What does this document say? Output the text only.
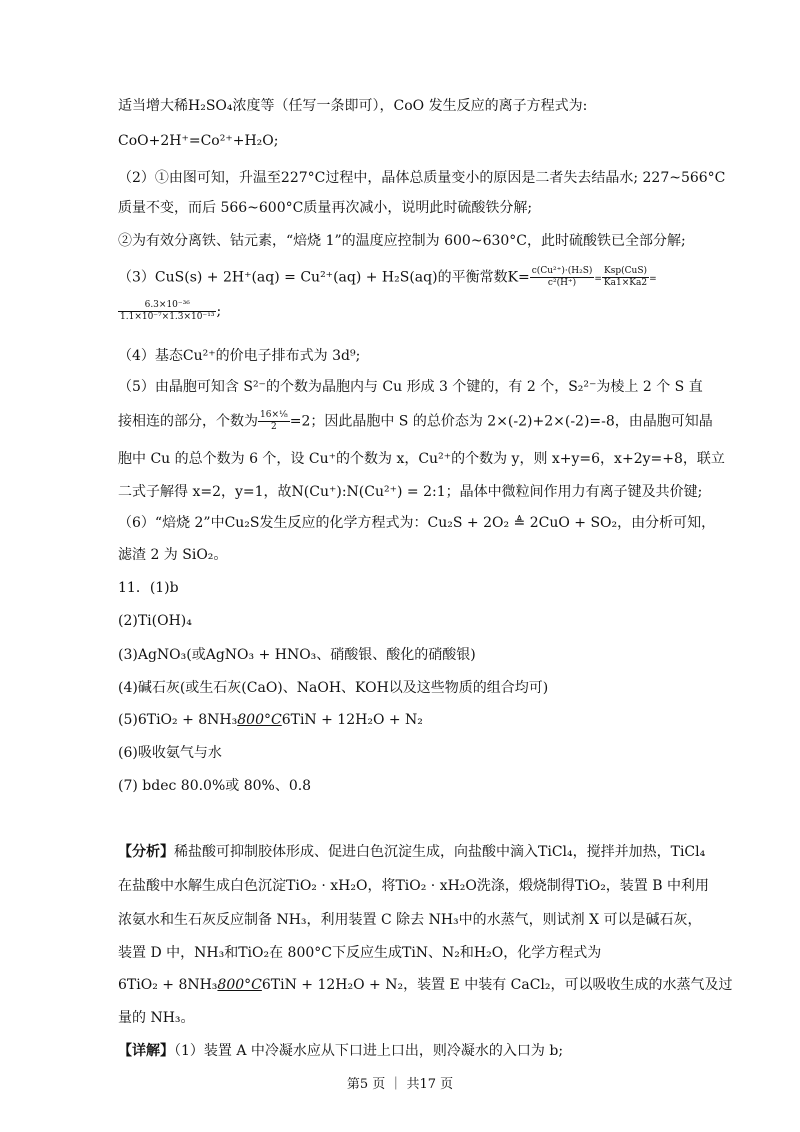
适当增大稀H₂SO₄浓度等（任写一条即可），CoO 发生反应的离子方程式为:
CoO+2H⁺=Co²⁺+H₂O;
（2）①由图可知，升温至227°C过程中，晶体总质量变小的原因是二者失去结晶水; 227~566°C
质量不变，而后 566~600°C质量再次减小，说明此时硫酸铁分解;
②为有效分离铁、钴元素，“焙烧 1”的温度应控制为 600~630°C，此时硫酸铁已全部分解;
（3）CuS(s) + 2H⁺(aq) = Cu²⁺(aq) + H₂S(aq)的平衡常数$K= \frac{\text{c(Cu²⁺)·(H₂S)}}{\text{c²(H⁺)}} = \frac{\text{Ksp(CuS)}}{Ka1\times Ka2}$ =
$\frac{\text{6.3×10⁻³⁶}}{\text{1.1×10⁻⁷×1.3×10⁻¹³}}$ ;
（4）基态Cu²⁺的价电子排布式为 3d⁹;
（5）由晶胞可知含 S²⁻的个数为晶胞内与 Cu 形成 3 个键的，有 2 个，S₂²⁻为棱上 2 个 S 直
接相连的部分，个数为 $\frac{\text{16×¹⁄₈}}{2} =2$；因此晶胞中 S 的总价态为 2×(-2)+2×(-2)=-8，由晶胞可知晶
胞中 Cu 的总个数为 6 个，设 Cu⁺的个数为 x，Cu²⁺的个数为 y，则 x+y=6，x+2y=+8，联立
二式子解得 x=2，y=1，故N(Cu⁺):N(Cu²⁺) = 2:1；晶体中微粒间作用力有离子键及共价键;
（6）“焙烧 2”中Cu₂S发生反应的化学方程式为：Cu₂S + 2O₂ ≜ 2CuO + SO₂，由分析可知，
滤渣 2 为 SiO₂。
11．(1)b
(2)Ti(OH)₄
(3)AgNO₃(或AgNO₃ + HNO₃、硝酸银、酸化的硝酸银)
(4)碱石灰(或生石灰(CaO)、NaOH、KOH以及这些物质的组合均可)
(5)6TiO₂ + 8NH₃800°C6TiN + 12H₂O + N₂
(6)吸收氨气与水
(7) bdec 80.0%或 80%、0.8
【分析】稀盐酸可抑制胶体形成、促进白色沉淀生成，向盐酸中滴入TiCl₄，搅拌并加热，TiCl₄
在盐酸中水解生成白色沉淀TiO₂ · xH₂O，将TiO₂ · xH₂O洗涤，煅烧制得TiO₂，装置 B 中利用
浓氨水和生石灰反应制备 NH₃，利用装置 C 除去 NH₃中的水蒸气，则试剂 X 可以是碱石灰，
装置 D 中，NH₃和TiO₂在 800°C下反应生成TiN、N₂和H₂O，化学方程式为
6TiO₂ + 8NH₃800°C6TiN + 12H₂O + N₂，装置 E 中装有 CaCl₂，可以吸收生成的水蒸气及过
量的 NH₃。
【详解】（1）装置 A 中冷凝水应从下口进上口出，则冷凝水的入口为 b;
第5 页 ｜ 共17 页
